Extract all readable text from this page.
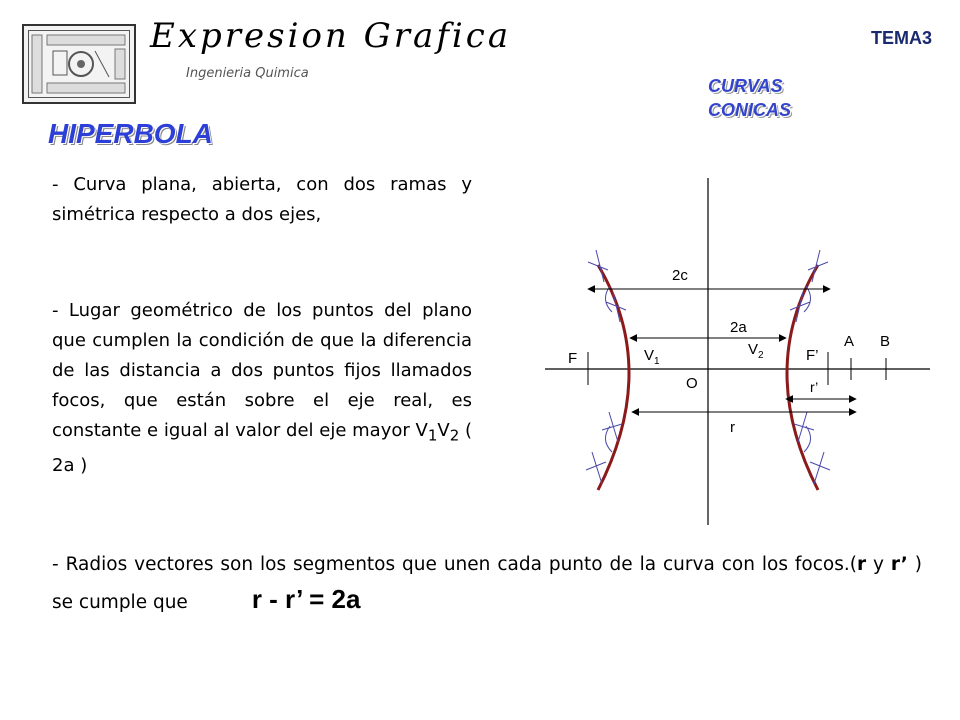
Expresion Grafica
Ingenieria Quimica
TEMA3
CURVAS
CONICAS
HIPERBOLA
- Curva plana, abierta, con dos ramas y simétrica respecto a dos ejes,
- Lugar geométrico de los puntos del plano que cumplen la condición de que la diferencia de las distancia a dos puntos fijos llamados focos, que están sobre el eje real, es constante e igual al valor del eje mayor $V_1V_2$ ( 2a )
- Radios vectores son los segmentos que unen cada punto de la curva con los focos.(r y r’ ) se cumple que r - r’ = 2a
2c
2a
F	$V_1$
$V_2$	F’
A B
O	r’
r
